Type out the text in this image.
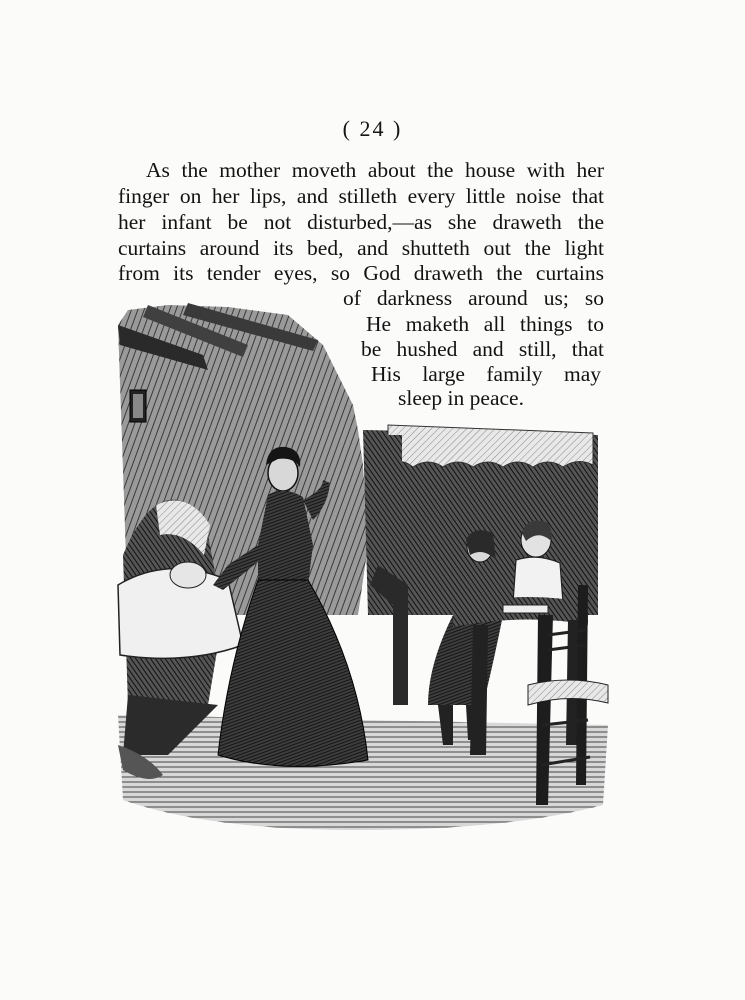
( 24 )
As the mother moveth about the house with her
finger on her lips, and stilleth every little noise that
her infant be not disturbed,—as she draweth the
curtains around its bed, and shutteth out the light
from its tender eyes, so God draweth the curtains
of darkness around us; so
He maketh all things to
be hushed and still, that
His large family may
sleep in peace.
